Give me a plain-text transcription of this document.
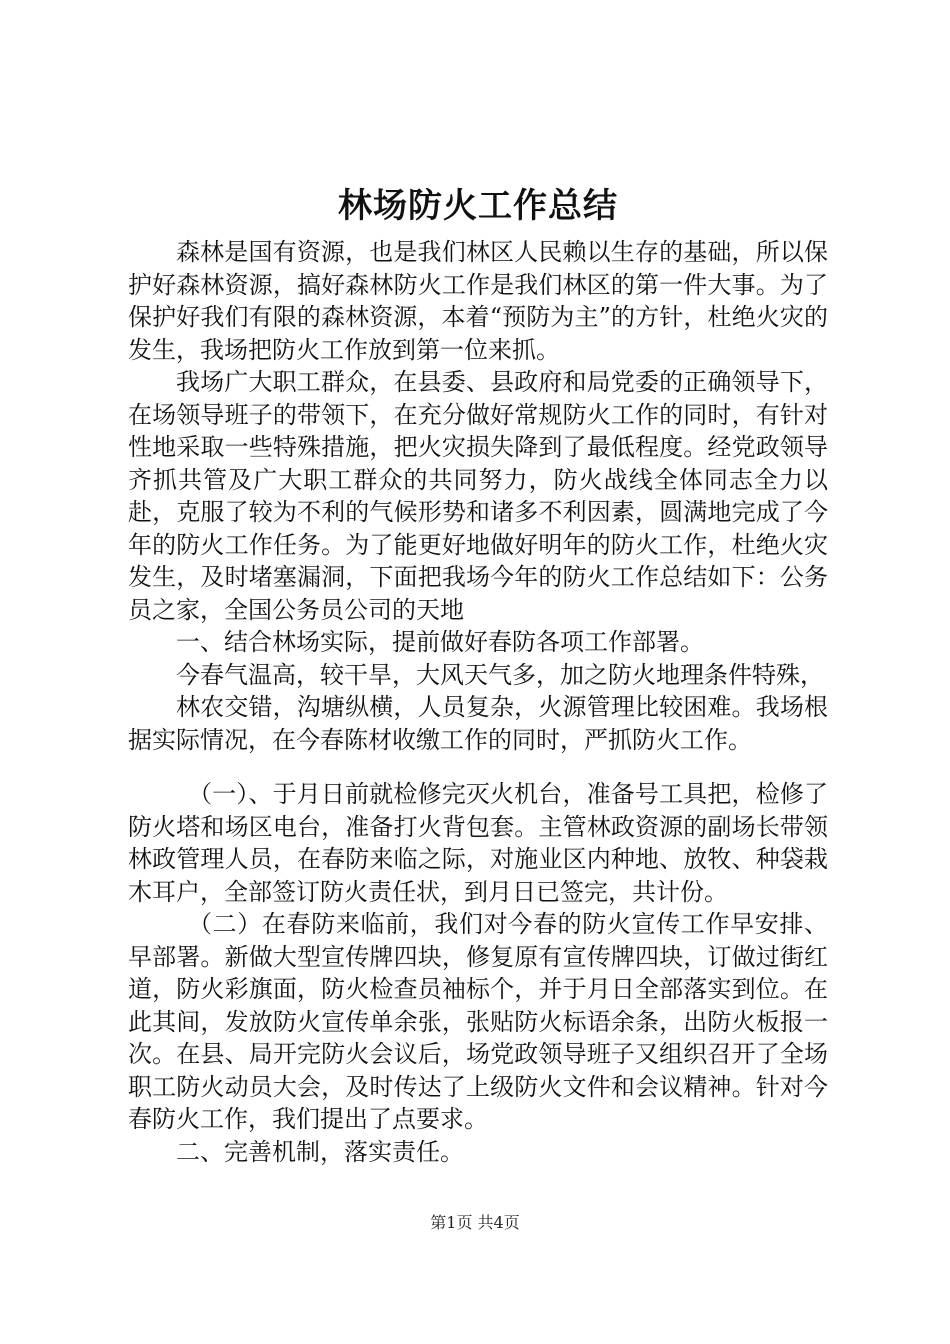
林场防火工作总结

森林是国有资源，也是我们林区人民赖以生存的基础，所以保护好森林资源，搞好森林防火工作是我们林区的第一件大事。为了保护好我们有限的森林资源，本着“预防为主”的方针，杜绝火灾的发生，我场把防火工作放到第一位来抓。

我场广大职工群众，在县委、县政府和局党委的正确领导下，在场领导班子的带领下，在充分做好常规防火工作的同时，有针对性地采取一些特殊措施，把火灾损失降到了最低程度。经党政领导齐抓共管及广大职工群众的共同努力，防火战线全体同志全力以赴，克服了较为不利的气候形势和诸多不利因素，圆满地完成了今年的防火工作任务。为了能更好地做好明年的防火工作，杜绝火灾发生，及时堵塞漏洞，下面把我场今年的防火工作总结如下：公务员之家，全国公务员公司的天地

一、结合林场实际，提前做好春防各项工作部署。

今春气温高，较干旱，大风天气多，加之防火地理条件特殊，

林农交错，沟塘纵横，人员复杂，火源管理比较困难。我场根据实际情况，在今春陈材收缴工作的同时，严抓防火工作。

（一）、于月日前就检修完灭火机台，准备号工具把，检修了防火塔和场区电台，准备打火背包套。主管林政资源的副场长带领林政管理人员，在春防来临之际，对施业区内种地、放牧、种袋栽木耳户，全部签订防火责任状，到月日已签完，共计份。

（二）在春防来临前，我们对今春的防火宣传工作早安排、早部署。新做大型宣传牌四块，修复原有宣传牌四块，订做过街红道，防火彩旗面，防火检查员袖标个，并于月日全部落实到位。在此其间，发放防火宣传单余张，张贴防火标语余条，出防火板报一次。在县、局开完防火会议后，场党政领导班子又组织召开了全场职工防火动员大会，及时传达了上级防火文件和会议精神。针对今春防火工作，我们提出了点要求。

二、完善机制，落实责任。

第1页 共4页
